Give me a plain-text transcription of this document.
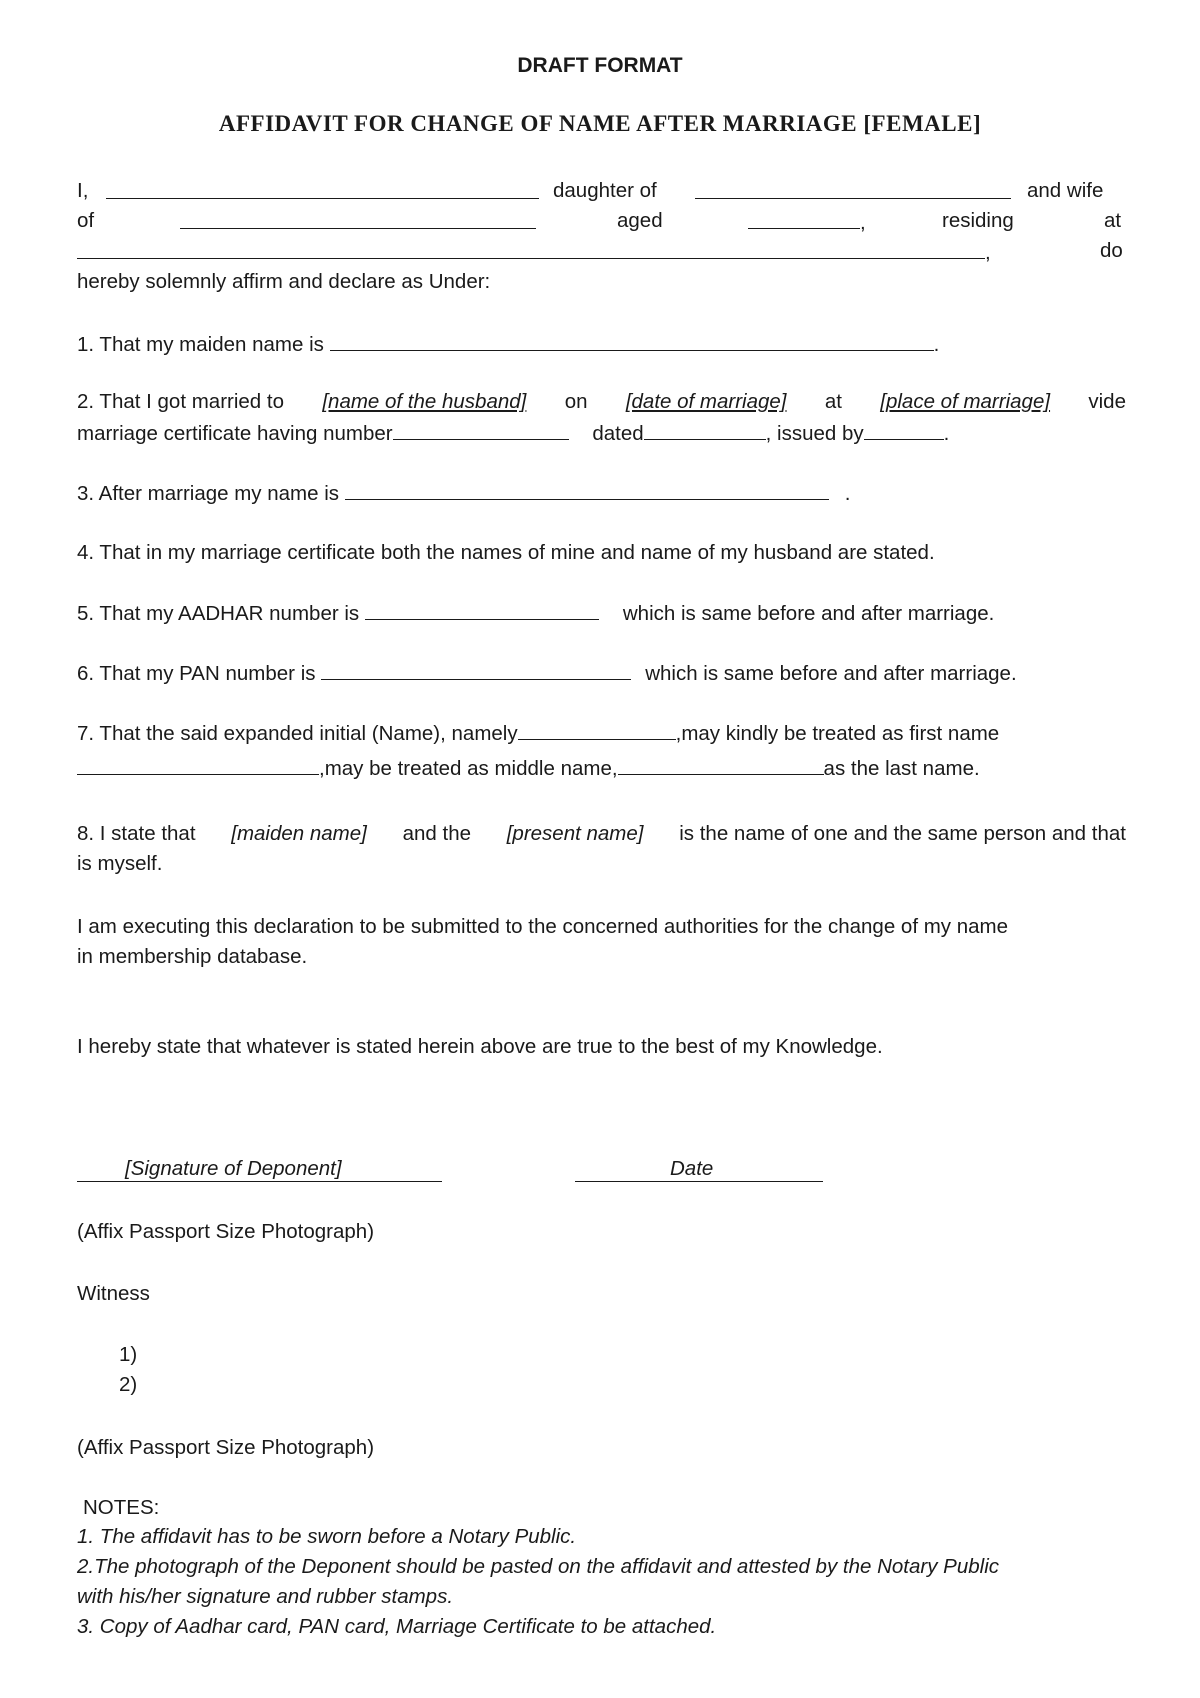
DRAFT FORMAT
AFFIDAVIT FOR CHANGE OF NAME AFTER MARRIAGE [FEMALE]
I,	daughter of	and wife
of	aged	,	residing	at
,	do
hereby solemnly affirm and declare as Under:
1. That my maiden name is	.
2. That I got married to [name of the husband] on [date of marriage] at [place of marriage] vide
marriage certificate having number	dated	, issued by	.
3. After marriage my name is	.
4. That in my marriage certificate both the names of mine and name of my husband are stated.
5. That my AADHAR number is	which is same before and after marriage.
6. That my PAN number is	which is same before and after marriage.
7. That the said expanded initial (Name), namely	,may kindly be treated as first name
,may be treated as middle name,	as the last name.
8. I state that [maiden name] and the [present name] is the name of one and the same person and that
is myself.
I am executing this declaration to be submitted to the concerned authorities for the change of my name
in membership database.
I hereby state that whatever is stated herein above are true to the best of my Knowledge.
[Signature of Deponent]	Date
(Affix Passport Size Photograph)
Witness
1)
2)
(Affix Passport Size Photograph)
NOTES:
1. The affidavit has to be sworn before a Notary Public.
2.The photograph of the Deponent should be pasted on the affidavit and attested by the Notary Public
with his/her signature and rubber stamps.
3. Copy of Aadhar card, PAN card, Marriage Certificate to be attached.
